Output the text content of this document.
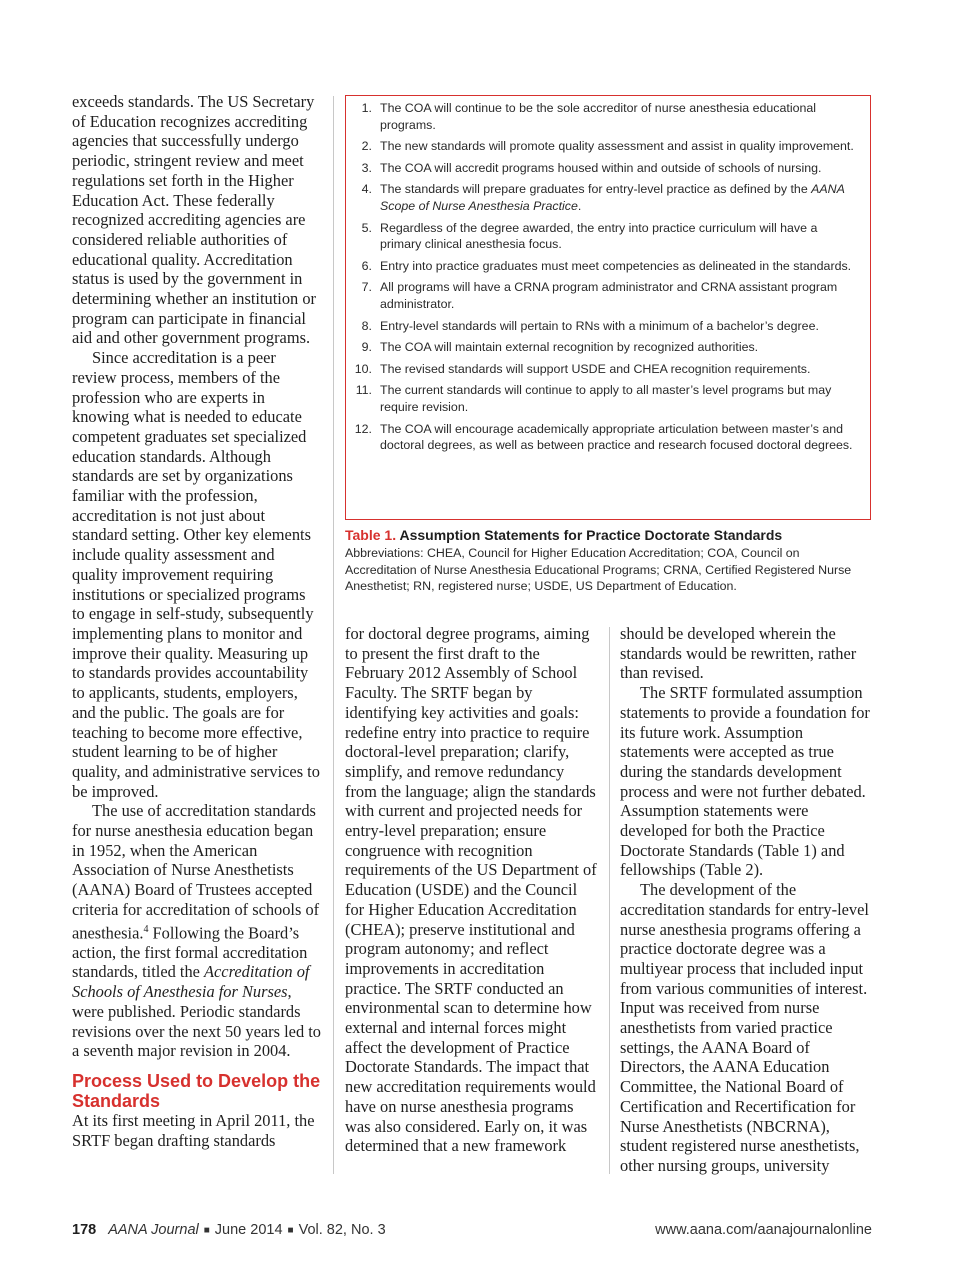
exceeds standards. The US Secretary of Education recognizes accrediting agencies that successfully undergo periodic, stringent review and meet regulations set forth in the Higher Education Act. These federally recognized accrediting agencies are considered reliable authorities of educational quality. Accreditation status is used by the government in determining whether an institution or program can participate in financial aid and other government programs.

Since accreditation is a peer review process, members of the profession who are experts in knowing what is needed to educate competent graduates set specialized education standards. Although standards are set by organizations familiar with the profession, accreditation is not just about standard setting. Other key elements include quality assessment and quality improvement requiring institutions or specialized programs to engage in self-study, subsequently implementing plans to monitor and improve their quality. Measuring up to standards provides accountability to applicants, students, employers, and the public. The goals are for teaching to become more effective, student learning to be of higher quality, and administrative services to be improved.

The use of accreditation standards for nurse anesthesia education began in 1952, when the American Association of Nurse Anesthetists (AANA) Board of Trustees accepted criteria for accreditation of schools of anesthesia.$^4$ Following the Board’s action, the first formal accreditation standards, titled the Accreditation of Schools of Anesthesia for Nurses, were published. Periodic standards revisions over the next 50 years led to a seventh major revision in 2004.

Process Used to Develop the Standards

At its first meeting in April 2011, the SRTF began drafting standards

1. The COA will continue to be the sole accreditor of nurse anesthesia educational programs.
2. The new standards will promote quality assessment and assist in quality improvement.
3. The COA will accredit programs housed within and outside of schools of nursing.
4. The standards will prepare graduates for entry-level practice as defined by the AANA Scope of Nurse Anesthesia Practice.
5. Regardless of the degree awarded, the entry into practice curriculum will have a primary clinical anesthesia focus.
6. Entry into practice graduates must meet competencies as delineated in the standards.
7. All programs will have a CRNA program administrator and CRNA assistant program administrator.
8. Entry-level standards will pertain to RNs with a minimum of a bachelor’s degree.
9. The COA will maintain external recognition by recognized authorities.
10. The revised standards will support USDE and CHEA recognition requirements.
11. The current standards will continue to apply to all master’s level programs but may require revision.
12. The COA will encourage academically appropriate articulation between master’s and doctoral degrees, as well as between practice and research focused doctoral degrees.
Table 1. Assumption Statements for Practice Doctorate Standards
Abbreviations: CHEA, Council for Higher Education Accreditation; COA, Council on Accreditation of Nurse Anesthesia Educational Programs; CRNA, Certified Registered Nurse Anesthetist; RN, registered nurse; USDE, US Department of Education.

for doctoral degree programs, aiming to present the first draft to the February 2012 Assembly of School Faculty. The SRTF began by identifying key activities and goals: redefine entry into practice to require doctoral-level preparation; clarify, simplify, and remove redundancy from the language; align the standards with current and projected needs for entry-level preparation; ensure congruence with recognition requirements of the US Department of Education (USDE) and the Council for Higher Education Accreditation (CHEA); preserve institutional and program autonomy; and reflect improvements in accreditation practice. The SRTF conducted an environmental scan to determine how external and internal forces might affect the development of Practice Doctorate Standards. The impact that new accreditation requirements would have on nurse anesthesia programs was also considered. Early on, it was determined that a new framework

should be developed wherein the standards would be rewritten, rather than revised.

The SRTF formulated assumption statements to provide a foundation for its future work. Assumption statements were accepted as true during the standards development process and were not further debated. Assumption statements were developed for both the Practice Doctorate Standards (Table 1) and fellowships (Table 2).

The development of the accreditation standards for entry-level nurse anesthesia programs offering a practice doctorate degree was a multiyear process that included input from various communities of interest. Input was received from nurse anesthetists from varied practice settings, the AANA Board of Directors, the AANA Education Committee, the National Board of Certification and Recertification for Nurse Anesthetists (NBCRNA), student registered nurse anesthetists, other nursing groups, university

178 AANA Journal ■ June 2014 ■ Vol. 82, No. 3	www.aana.com/aanajournalonline
